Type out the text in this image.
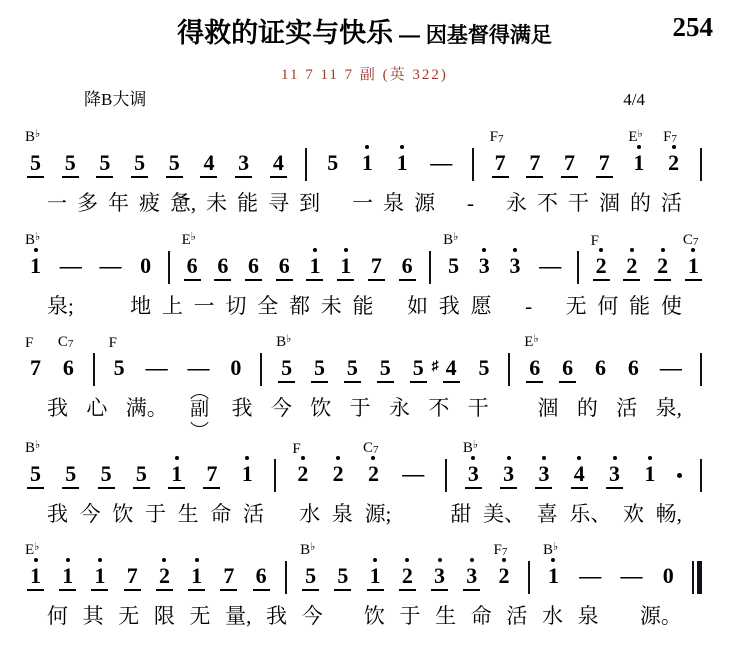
254
得救的证实与快乐 — 因基督得满足
11 7 11 7 副 (英 322)
降B大调	4/4
B♭
5 5 5 5 5 4 3 4 5 1 1 —
F7
7 7 7 7
E♭
1
F7
2
一 多 年 疲 惫, 未 能 寻 到 一 泉 源 - 永 不 干 涸 的 活
B♭
1 — — 0
E♭
6 6 6 6 1 1 7 6
B♭
5 3 3 —
F
2 2 2
C7
1
泉;	地 上 一 切 全 都 未 能 如 我 愿 - 无 何 能 使
F
7
C7
6
F
5 — — 0
B♭
5 5 5 5 5 4
♯ 5
E♭
6 6 6 6 —
我 心 满。 副 我 今 饮 于 永 不 干 涸 的 活 泉,
B♭
5 5 5 5 1 7 1
F
2 2
C7
2 —
B♭
3 3 3 4 3 1
我 今 饮 于 生 命 活 水 泉 源;	甜 美、 喜 乐、 欢 畅,
E♭
1 1 1 7 2 1 7 6
B♭
5 5 1 2 3 3
F7
2
B♭
1 — — 0
何 其 无 限 无 量, 我 今 饮 于 生 命 活 水 泉 源。
